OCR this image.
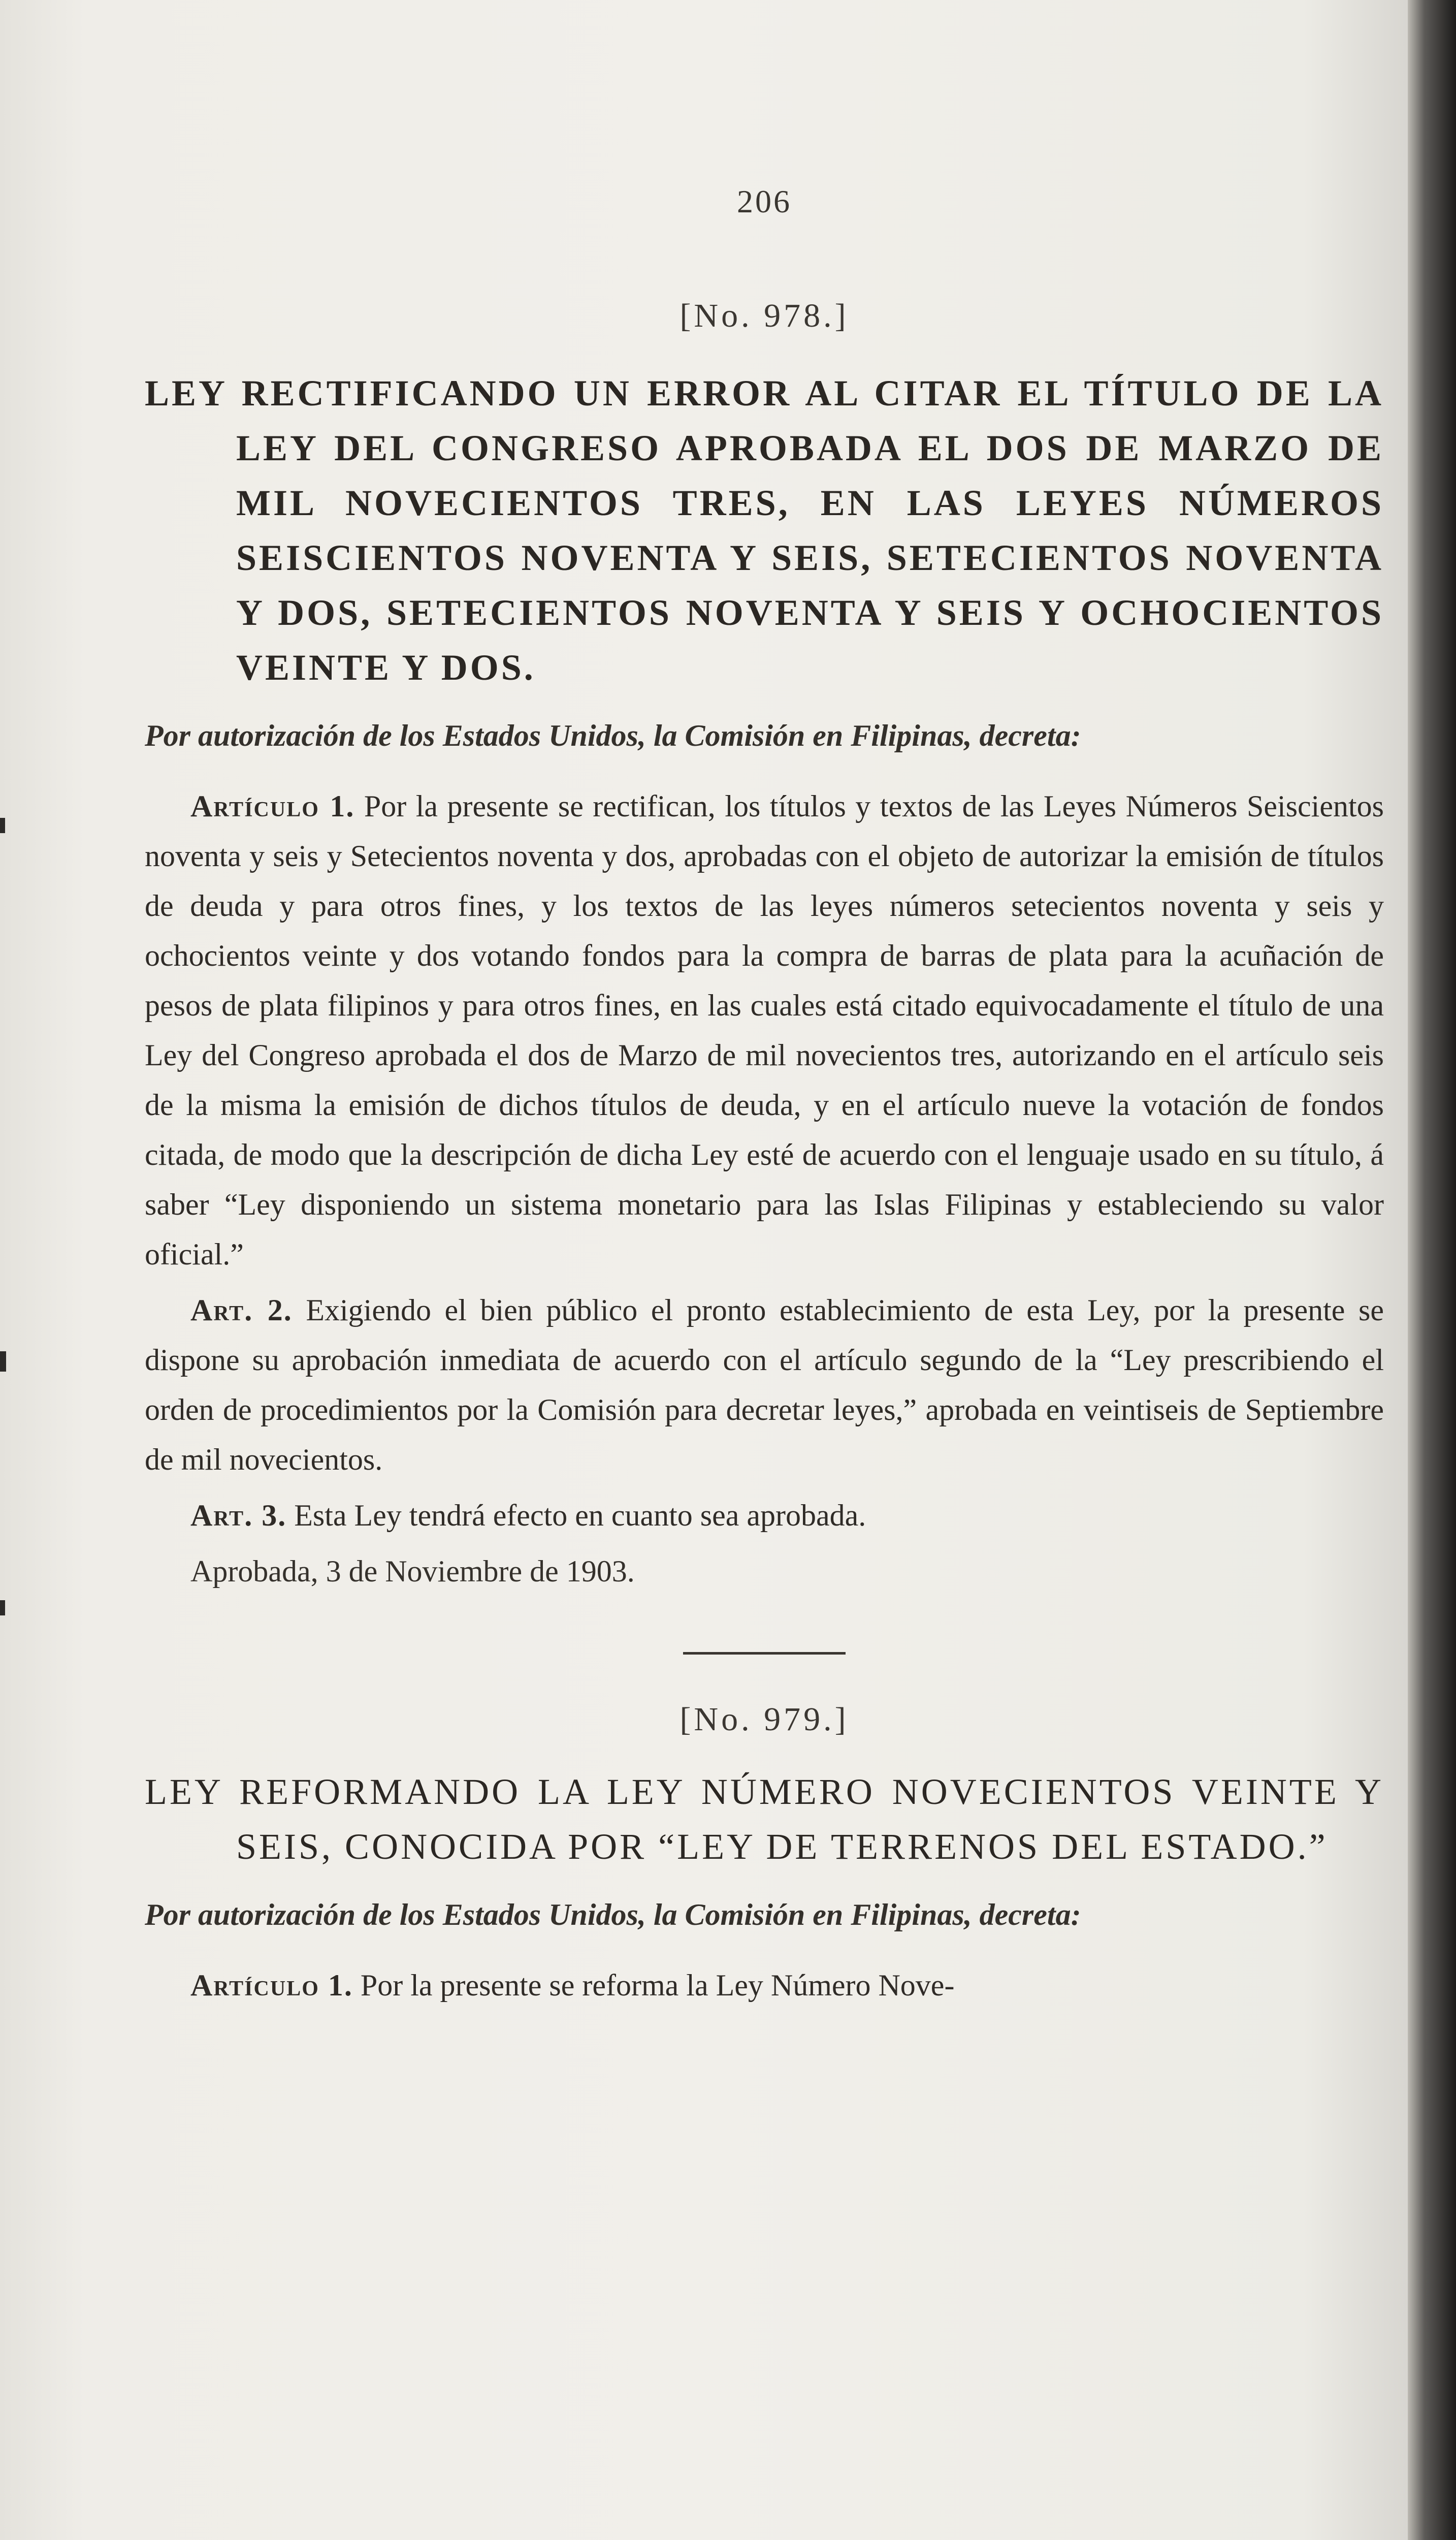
206
[No. 978.]
LEY RECTIFICANDO UN ERROR AL CITAR EL TÍTULO DE LA LEY DEL CONGRESO APROBADA EL DOS DE MARZO DE MIL NOVECIENTOS TRES, EN LAS LEYES NÚMEROS SEISCIENTOS NOVENTA Y SEIS, SETECIENTOS NOVENTA Y DOS, SETECIENTOS NOVENTA Y SEIS Y OCHOCIENTOS VEINTE Y DOS.
Por autorización de los Estados Unidos, la Comisión en Filipinas, decreta:

Artículo 1. Por la presente se rectifican, los títulos y textos de las Leyes Números Seiscientos noventa y seis y Setecientos noventa y dos, aprobadas con el objeto de autorizar la emisión de títulos de deuda y para otros fines, y los textos de las leyes números setecientos noventa y seis y ochocientos veinte y dos votando fondos para la compra de barras de plata para la acuñación de pesos de plata filipinos y para otros fines, en las cuales está citado equivocadamente el título de una Ley del Congreso aprobada el dos de Marzo de mil novecientos tres, autorizando en el artículo seis de la misma la emisión de dichos títulos de deuda, y en el artículo nueve la votación de fondos citada, de modo que la descripción de dicha Ley esté de acuerdo con el lenguaje usado en su título, á saber “Ley disponiendo un sistema monetario para las Islas Filipinas y estableciendo su valor oficial.”

Art. 2. Exigiendo el bien público el pronto establecimiento de esta Ley, por la presente se dispone su aprobación inmediata de acuerdo con el artículo segundo de la “Ley prescribiendo el orden de procedimientos por la Comisión para decretar leyes,” aprobada en veintiseis de Septiembre de mil novecientos.

Art. 3. Esta Ley tendrá efecto en cuanto sea aprobada.

Aprobada, 3 de Noviembre de 1903.

[No. 979.]
LEY REFORMANDO LA LEY NÚMERO NOVECIENTOS VEINTE Y SEIS, CONOCIDA POR “LEY DE TERRENOS DEL ESTADO.”
Por autorización de los Estados Unidos, la Comisión en Filipinas, decreta:

Artículo 1. Por la presente se reforma la Ley Número Nove-
